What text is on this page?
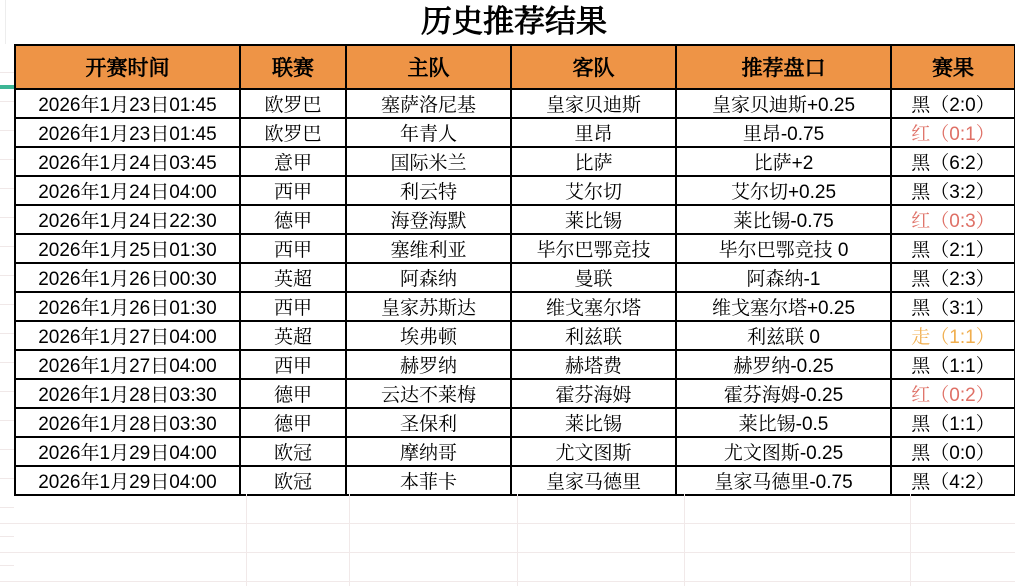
历史推荐结果
开赛时间	联赛	主队	客队	推荐盘口	赛果
2026年1月23日01:45	欧罗巴	塞萨洛尼基	皇家贝迪斯	皇家贝迪斯+0.25	黑（2:0）
2026年1月23日01:45	欧罗巴	年青人	里昂	里昂-0.75	红（0:1）
2026年1月24日03:45	意甲	国际米兰	比萨	比萨+2	黑（6:2）
2026年1月24日04:00	西甲	利云特	艾尔切	艾尔切+0.25	黑（3:2）
2026年1月24日22:30	德甲	海登海默	莱比锡	莱比锡-0.75	红（0:3）
2026年1月25日01:30	西甲	塞维利亚	毕尔巴鄂竞技	毕尔巴鄂竞技 0	黑（2:1）
2026年1月26日00:30	英超	阿森纳	曼联	阿森纳-1	黑（2:3）
2026年1月26日01:30	西甲	皇家苏斯达	维戈塞尔塔	维戈塞尔塔+0.25	黑（3:1）
2026年1月27日04:00	英超	埃弗顿	利兹联	利兹联 0	走（1:1）
2026年1月27日04:00	西甲	赫罗纳	赫塔费	赫罗纳-0.25	黑（1:1）
2026年1月28日03:30	德甲	云达不莱梅	霍芬海姆	霍芬海姆-0.25	红（0:2）
2026年1月28日03:30	德甲	圣保利	莱比锡	莱比锡-0.5	黑（1:1）
2026年1月29日04:00	欧冠	摩纳哥	尤文图斯	尤文图斯-0.25	黑（0:0）
2026年1月29日04:00	欧冠	本菲卡	皇家马德里	皇家马德里-0.75	黑（4:2）
